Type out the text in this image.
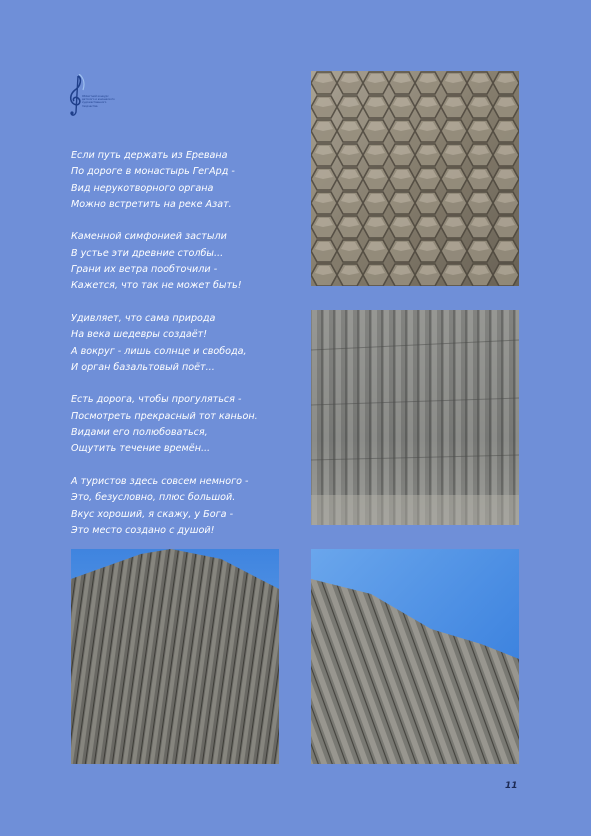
Областной конкурс
детского и юношеского
художественного
творчества
Если путь держать из Еревана
По дороге в монастырь ГегАрд -
Вид нерукотворного органа
Можно встретить на реке Азат.
Каменной симфонией застыли
В устье эти древние столбы...
Грани их ветра пообточили -
Кажется, что так не может быть!
Удивляет, что сама природа
На века шедевры создаёт!
А вокруг - лишь солнце и свобода,
И орган базальтовый поёт...
Есть дорога, чтобы прогуляться -
Посмотреть прекрасный тот каньон.
Видами его полюбоваться,
Ощутить течение времён...
А туристов здесь совсем немного -
Это, безусловно, плюс большой.
Вкус хороший, я скажу, у Бога -
Это место создано с душой!
11
